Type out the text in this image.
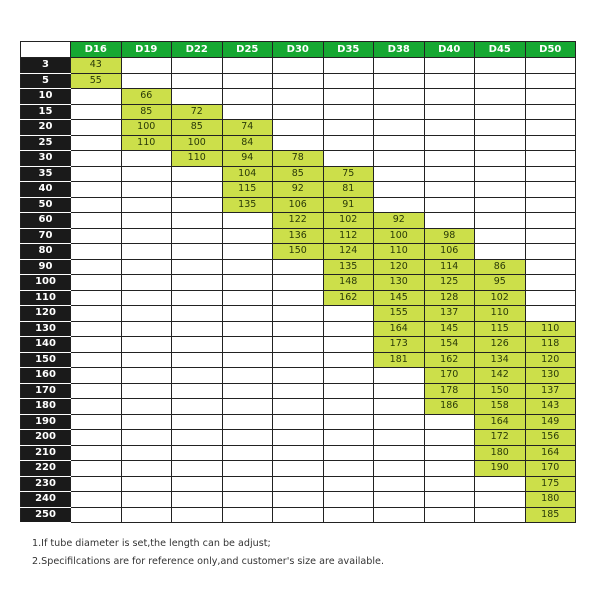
	D16	D19	D22	D25	D30	D35	D38	D40	D45	D50
3	43									
5	55									
10		66								
15		85	72							
20		100	85	74						
25		110	100	84						
30			110	94	78					
35				104	85	75				
40				115	92	81				
50				135	106	91				
60					122	102	92			
70					136	112	100	98		
80					150	124	110	106		
90						135	120	114	86	
100						148	130	125	95	
110						162	145	128	102	
120							155	137	110	
130							164	145	115	110
140							173	154	126	118
150							181	162	134	120
160								170	142	130
170								178	150	137
180								186	158	143
190									164	149
200									172	156
210									180	164
220									190	170
230										175
240										180
250										185
1.If tube diameter is set,the length can be adjust;
2.Specifilcations are for reference only,and customer's size are available.
